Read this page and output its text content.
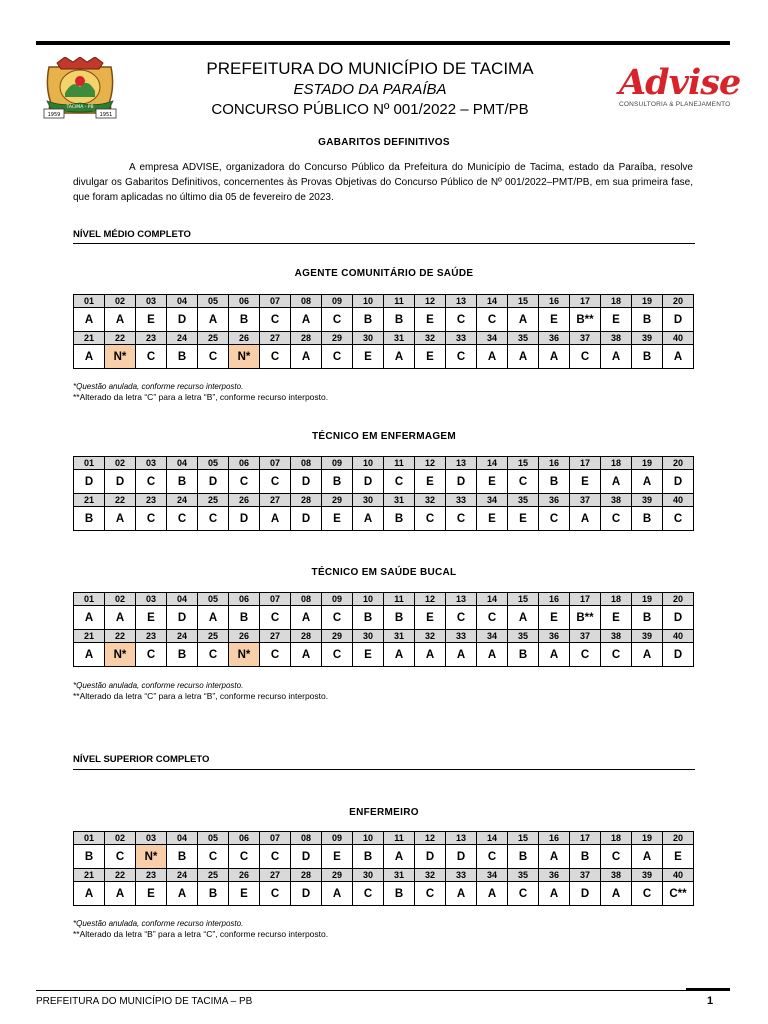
TACIMA - PB
1959	1951
PREFEITURA DO MUNICÍPIO DE TACIMA
ESTADO DA PARAÍBA
CONCURSO PÚBLICO Nº 001/2022 – PMT/PB
Advise
CONSULTORIA & PLANEJAMENTO
GABARITOS DEFINITIVOS
A empresa ADVISE, organizadora do Concurso Público da Prefeitura do Município de Tacima, estado da Paraíba, resolve divulgar os Gabaritos Definitivos, concernentes às Provas Objetivas do Concurso Público de Nº 001/2022–PMT/PB, em sua primeira fase, que foram aplicadas no último dia 05 de fevereiro de 2023.
NÍVEL MÉDIO COMPLETO
AGENTE COMUNITÁRIO DE SAÚDE
01	02	03	04	05	06	07	08	09	10	11	12	13	14	15	16	17	18	19	20
A	A	E	D	A	B	C	A	C	B	B	E	C	C	A	E	B**	E	B	D
21	22	23	24	25	26	27	28	29	30	31	32	33	34	35	36	37	38	39	40
A	N*	C	B	C	N*	C	A	C	E	A	E	C	A	A	A	C	A	B	A
*Questão anulada, conforme recurso interposto.
**Alterado da letra “C” para a letra “B”, conforme recurso interposto.
TÉCNICO EM ENFERMAGEM
01	02	03	04	05	06	07	08	09	10	11	12	13	14	15	16	17	18	19	20
D	D	C	B	D	C	C	D	B	D	C	E	D	E	C	B	E	A	A	D
21	22	23	24	25	26	27	28	29	30	31	32	33	34	35	36	37	38	39	40
B	A	C	C	C	D	A	D	E	A	B	C	C	E	E	C	A	C	B	C
TÉCNICO EM SAÚDE BUCAL
01	02	03	04	05	06	07	08	09	10	11	12	13	14	15	16	17	18	19	20
A	A	E	D	A	B	C	A	C	B	B	E	C	C	A	E	B**	E	B	D
21	22	23	24	25	26	27	28	29	30	31	32	33	34	35	36	37	38	39	40
A	N*	C	B	C	N*	C	A	C	E	A	A	A	A	B	A	C	C	A	D
*Questão anulada, conforme recurso interposto.
**Alterado da letra “C” para a letra “B”, conforme recurso interposto.
NÍVEL SUPERIOR COMPLETO
ENFERMEIRO
01	02	03	04	05	06	07	08	09	10	11	12	13	14	15	16	17	18	19	20
B	C	N*	B	C	C	C	D	E	B	A	D	D	C	B	A	B	C	A	E
21	22	23	24	25	26	27	28	29	30	31	32	33	34	35	36	37	38	39	40
A	A	E	A	B	E	C	D	A	C	B	C	A	A	C	A	D	A	C	C**
*Questão anulada, conforme recurso interposto.
**Alterado da letra “B” para a letra “C”, conforme recurso interposto.
PREFEITURA DO MUNICÍPIO DE TACIMA – PB	1
